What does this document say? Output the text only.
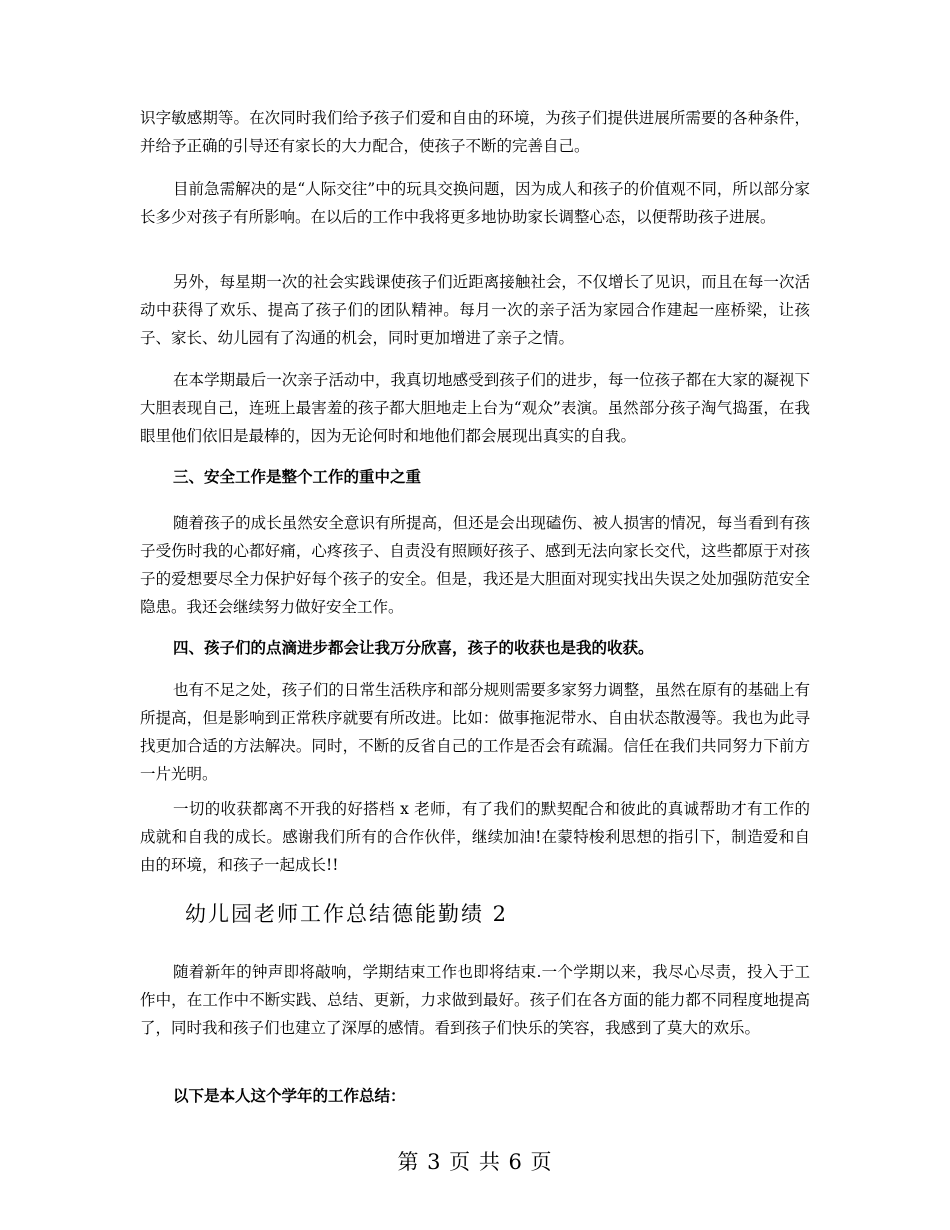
识字敏感期等。在次同时我们给予孩子们爱和自由的环境，为孩子们提供进展所需要的各种条件，并给予正确的引导还有家长的大力配合，使孩子不断的完善自己。

目前急需解决的是“人际交往”中的玩具交换问题，因为成人和孩子的价值观不同，所以部分家长多少对孩子有所影响。在以后的工作中我将更多地协助家长调整心态，以便帮助孩子进展。

另外，每星期一次的社会实践课使孩子们近距离接触社会，不仅增长了见识，而且在每一次活动中获得了欢乐、提高了孩子们的团队精神。每月一次的亲子活为家园合作建起一座桥梁，让孩子、家长、幼儿园有了沟通的机会，同时更加增进了亲子之情。

在本学期最后一次亲子活动中，我真切地感受到孩子们的进步，每一位孩子都在大家的凝视下大胆表现自己，连班上最害羞的孩子都大胆地走上台为“观众”表演。虽然部分孩子淘气捣蛋，在我眼里他们依旧是最棒的，因为无论何时和地他们都会展现出真实的自我。

三、安全工作是整个工作的重中之重

随着孩子的成长虽然安全意识有所提高，但还是会出现磕伤、被人损害的情况，每当看到有孩子受伤时我的心都好痛，心疼孩子、自责没有照顾好孩子、感到无法向家长交代，这些都原于对孩子的爱想要尽全力保护好每个孩子的安全。但是，我还是大胆面对现实找出失误之处加强防范安全隐患。我还会继续努力做好安全工作。

四、孩子们的点滴进步都会让我万分欣喜，孩子的收获也是我的收获。

也有不足之处，孩子们的日常生活秩序和部分规则需要多家努力调整，虽然在原有的基础上有所提高，但是影响到正常秩序就要有所改进。比如：做事拖泥带水、自由状态散漫等。我也为此寻找更加合适的方法解决。同时，不断的反省自己的工作是否会有疏漏。信任在我们共同努力下前方一片光明。

一切的收获都离不开我的好搭档 x 老师，有了我们的默契配合和彼此的真诚帮助才有工作的成就和自我的成长。感谢我们所有的合作伙伴，继续加油!在蒙特梭利思想的指引下，制造爱和自由的环境，和孩子一起成长!!

幼儿园老师工作总结德能勤绩 2

随着新年的钟声即将敲响，学期结束工作也即将结束.一个学期以来，我尽心尽责，投入于工作中，在工作中不断实践、总结、更新，力求做到最好。孩子们在各方面的能力都不同程度地提高了，同时我和孩子们也建立了深厚的感情。看到孩子们快乐的笑容，我感到了莫大的欢乐。

以下是本人这个学年的工作总结：

第 3 页 共 6 页
